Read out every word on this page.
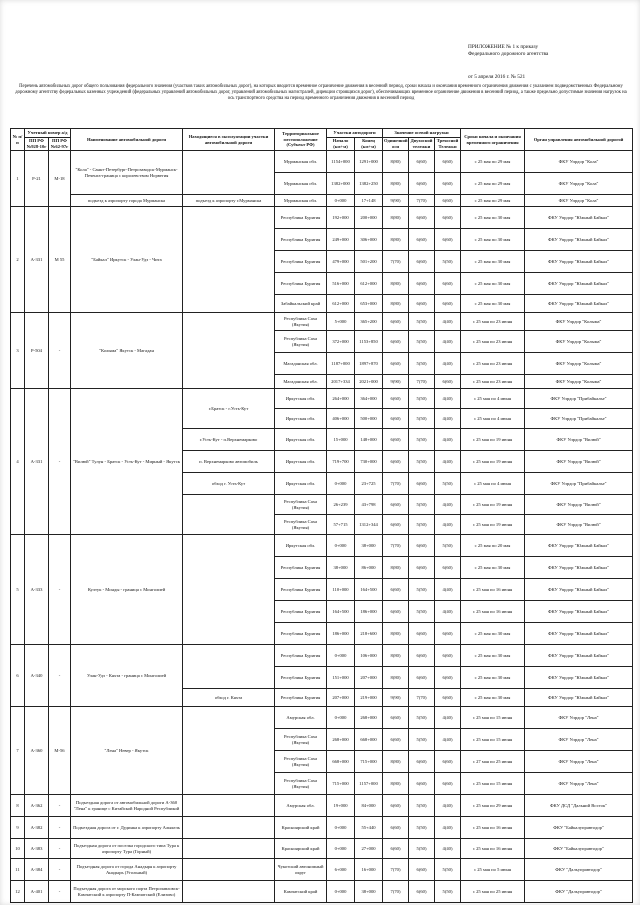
ПРИЛОЖЕНИЕ № 1 к приказу
Федерального дорожного агентства
от 5 апреля 2016 г. № 521
Перечень автомобильных дорог общего пользования федерального значения (участков таких автомобильных дорог), на которых вводится временное ограничение движения в весенний период, сроки начала и окончания временного ограничения движения с указанием подведомственных Федеральному дорожному агентству федеральных казенных учреждений (федеральных управлений автомобильных дорог, управлений автомобильных магистралей, дирекции строящихся дорог), обеспечивающих временное ограничение движения в весенний период, а также предельно допустимые значения нагрузок на ось транспортного средства на период временного ограничения движения в весенний период
№ п/п	Учетный номер а/д		Наименование автомобильной дороги	Находящиеся в эксплуатации участки автомобильной дороги	Территориальное местоположение (Субъект РФ)	Участки автодороги		Значение осевой нагрузки			Сроки начала и окончания временного ограничения	Орган управления автомобильной дорогой
	ПП РФ №928-10г	ПП РФ №62-97г				Начало (км+м)	Конец (км+м)	Одиночной оси	Двухосной тележки	Трехосной Тележки		
1	Р-21	М-18	"Кола" - Санкт-Петербург-Петрозаводск-Мурманск-Печенга-граница с королевством Норвегия		Мурманская обл.	1154+000	1291+000	8(80)	6(60)	6(60)	с 25 мая по 29 мая	ФКУ Упрдор "Кола"
					Мурманская обл.	1382+000	1382+250	8(80)	6(60)	6(60)	с 25 мая по 29 мая	ФКУ Упрдор "Кола"
			подъезд к аэропорту города Мурманска	подъезд к аэропорту г.Мурманска	Мурманская обл.	0+000	17+148	9(90)	7(70)	6(60)	с 25 мая по 29 мая	ФКУ Упрдор "Кола"
2	А-331	М 55	"Байкал" Иркутск - Улан-Удэ - Чита		Республика Бурятия	192+000	200+000	8(80)	6(60)	6(60)	с 25 мая по 30 мая	ФКУ Упрдор "Южный Байкал"
					Республика Бурятия	249+000	306+000	8(80)	6(60)	6(60)	с 25 мая по 30 мая	ФКУ Упрдор "Южный Байкал"
					Республика Бурятия	479+000	501+200	7(70)	6(60)	5(50)	с 25 мая по 30 мая	ФКУ Упрдор "Южный Байкал"
					Республика Бурятия	516+000	612+000	8(80)	6(60)	6(60)	с 25 мая по 30 мая	ФКУ Упрдор "Южный Байкал"
					Забайкальский край	612+000	653+000	8(80)	6(60)	6(60)	с 25 мая по 30 мая	ФКУ Упрдор "Южный Байкал"
3	Р-504	-	"Колыма" Якутск - Магадан		Республика Саха (Якутия)	5+000	365+200	6(60)	5(50)	4(40)	с 25 мая по 23 июня	ФКУ Упрдор "Колыма"
					Республика Саха (Якутия)	372+000	1153+850	6(60)	5(50)	4(40)	с 25 мая по 23 июня	ФКУ Упрдор "Колыма"
					Магаданская обл.	1187+000	1897+870	6(60)	5(50)	4(40)	с 25 мая по 23 июня	ФКУ Упрдор "Колыма"
					Магаданская обл.	2017+334	2021+000	9(90)	7(70)	6(60)	с 25 мая по 23 июня	ФКУ Упрдор "Колыма"
4	А-331	-	"Вилюй" Тулун - Братск - Усть-Кут - Мирный - Якутск	г.Братск - г.Усть-Кут	Иркутская обл.	264+000	364+000	6(60)	5(50)	4(40)	с 25 мая по 4 июня	ФКУ Упрдор "Прибайкалье"
					Иркутская обл.	406+000	500+000	6(60)	5(50)	4(40)	с 25 мая по 4 июня	ФКУ Упрдор "Прибайкалье"
				г.Усть-Кут - п.Верхнемарково	Иркутская обл.	15+000	148+000	6(60)	5(50)	4(40)	с 25 мая по 19 июня	ФКУ Упрдор "Вилюй"
				п. Верхнемарково автомобиль	Иркутская обл.	719+700	730+000	6(60)	5(50)	4(40)	с 25 мая по 19 июня	ФКУ Упрдор "Вилюй"
				обход г. Усть-Кут	Иркутская обл.	0+000	23+725	7(70)	6(60)	5(50)	с 25 мая по 4 июня	ФКУ Упрдор "Прибайкалье"
					Республика Саха (Якутия)	26+239	43+798	6(60)	5(50)	4(40)	с 25 мая по 19 июня	ФКУ Упрдор "Вилюй"
					Республика Саха (Якутия)	57+715	1312+344	6(60)	5(50)	4(40)	с 25 мая по 19 июня	ФКУ Упрдор "Вилюй"
5	А-333	-	Култук - Монды - граница с Монголией		Иркутская обл.	0+000	38+000	7(70)	6(60)	5(50)	с 25 мая по 20 мая	ФКУ Упрдор "Южный Байкал"
					Республика Бурятия	38+000	86+000	8(80)	6(60)	6(60)	с 25 мая по 30 мая	ФКУ Упрдор "Южный Байкал"
					Республика Бурятия	110+000	164+500	6(60)	5(50)	4(40)	с 25 мая по 16 июня	ФКУ Упрдор "Южный Байкал"
					Республика Бурятия	164+500	186+000	6(60)	5(50)	4(40)	с 25 мая по 16 июня	ФКУ Упрдор "Южный Байкал"
					Республика Бурятия	186+000	218+600	8(80)	6(60)	6(60)	с 25 мая по 30 мая	ФКУ Упрдор "Южный Байкал"
6	А-340	-	Улан-Удэ - Кяхта - граница с Монголией		Республика Бурятия	0+000	106+000	8(80)	6(60)	6(60)	с 25 мая по 30 мая	ФКУ Упрдор "Южный Байкал"
					Республика Бурятия	151+000	207+000	8(80)	6(60)	6(60)	с 25 мая по 30 мая	ФКУ Упрдор "Южный Байкал"
				обход г. Кяхта	Республика Бурятия	207+000	219+000	9(90)	7(70)	6(60)	с 25 мая по 30 мая	ФКУ Упрдор "Южный Байкал"
7	А-360	М-56	"Лена" Невер - Якутск		Амурская обл.	0+000	268+000	6(60)	5(50)	4(40)	с 25 мая по 15 июня	ФКУ Упрдор "Лена"
					Республика Саха (Якутия)	268+000	668+000	6(60)	5(50)	4(40)	с 25 мая по 15 июня	ФКУ Упрдор "Лена"
					Республика Саха (Якутия)	668+000	715+000	8(80)	6(60)	6(60)	с 27 мая по 25 июня	ФКУ Упрдор "Лена"
					Республика Саха (Якутия)	715+000	1157+000	8(80)	6(60)	6(60)	с 25 мая по 15 июня	ФКУ Упрдор "Лена"
8	А-362	-	Подъездная дорога от автомобильной дороги А-360 "Лена" к границе с Китайской Народной Республикой		Амурская обл.	19+000	84+000	6(60)	5(50)	4(40)	с 25 мая по 29 июня	ФКУ ДСД "Дальний Восток"
9	А-382	-	Подъездная дорога от г. Дудинка к аэропорту Алыкель		Красноярский край	0+000	55+440	6(60)	5(50)	4(40)	с 25 мая по 16 июня	ФКУ "Байкалуправтодор"
10	А-383	-	Подъездная дорога от поселка городского типа Тура к аэропорту Тура (Горный)		Красноярский край	0+000	27+000	6(60)	5(50)	4(40)	с 25 мая по 16 июня	ФКУ "Байкалуправтодор"
11	А-384	-	Подъездная дорога от города Анадыря к аэропорту Анадырь (Угольный)		Чукотский автономный округ	6+000	16+000	7(70)	6(60)	5(50)	с 25 мая по 5 июня	ФКУ "Дальуправтодор"
12	А-401	-	Подъездная дорога от морского порта Петропавловск-Камчатский к аэропорту П-Камчатский (Елизово)		Камчатский край	0+000	38+000	7(70)	6(60)	5(50)	с 25 мая по 25 июня	ФКУ "Дальуправтодор"
